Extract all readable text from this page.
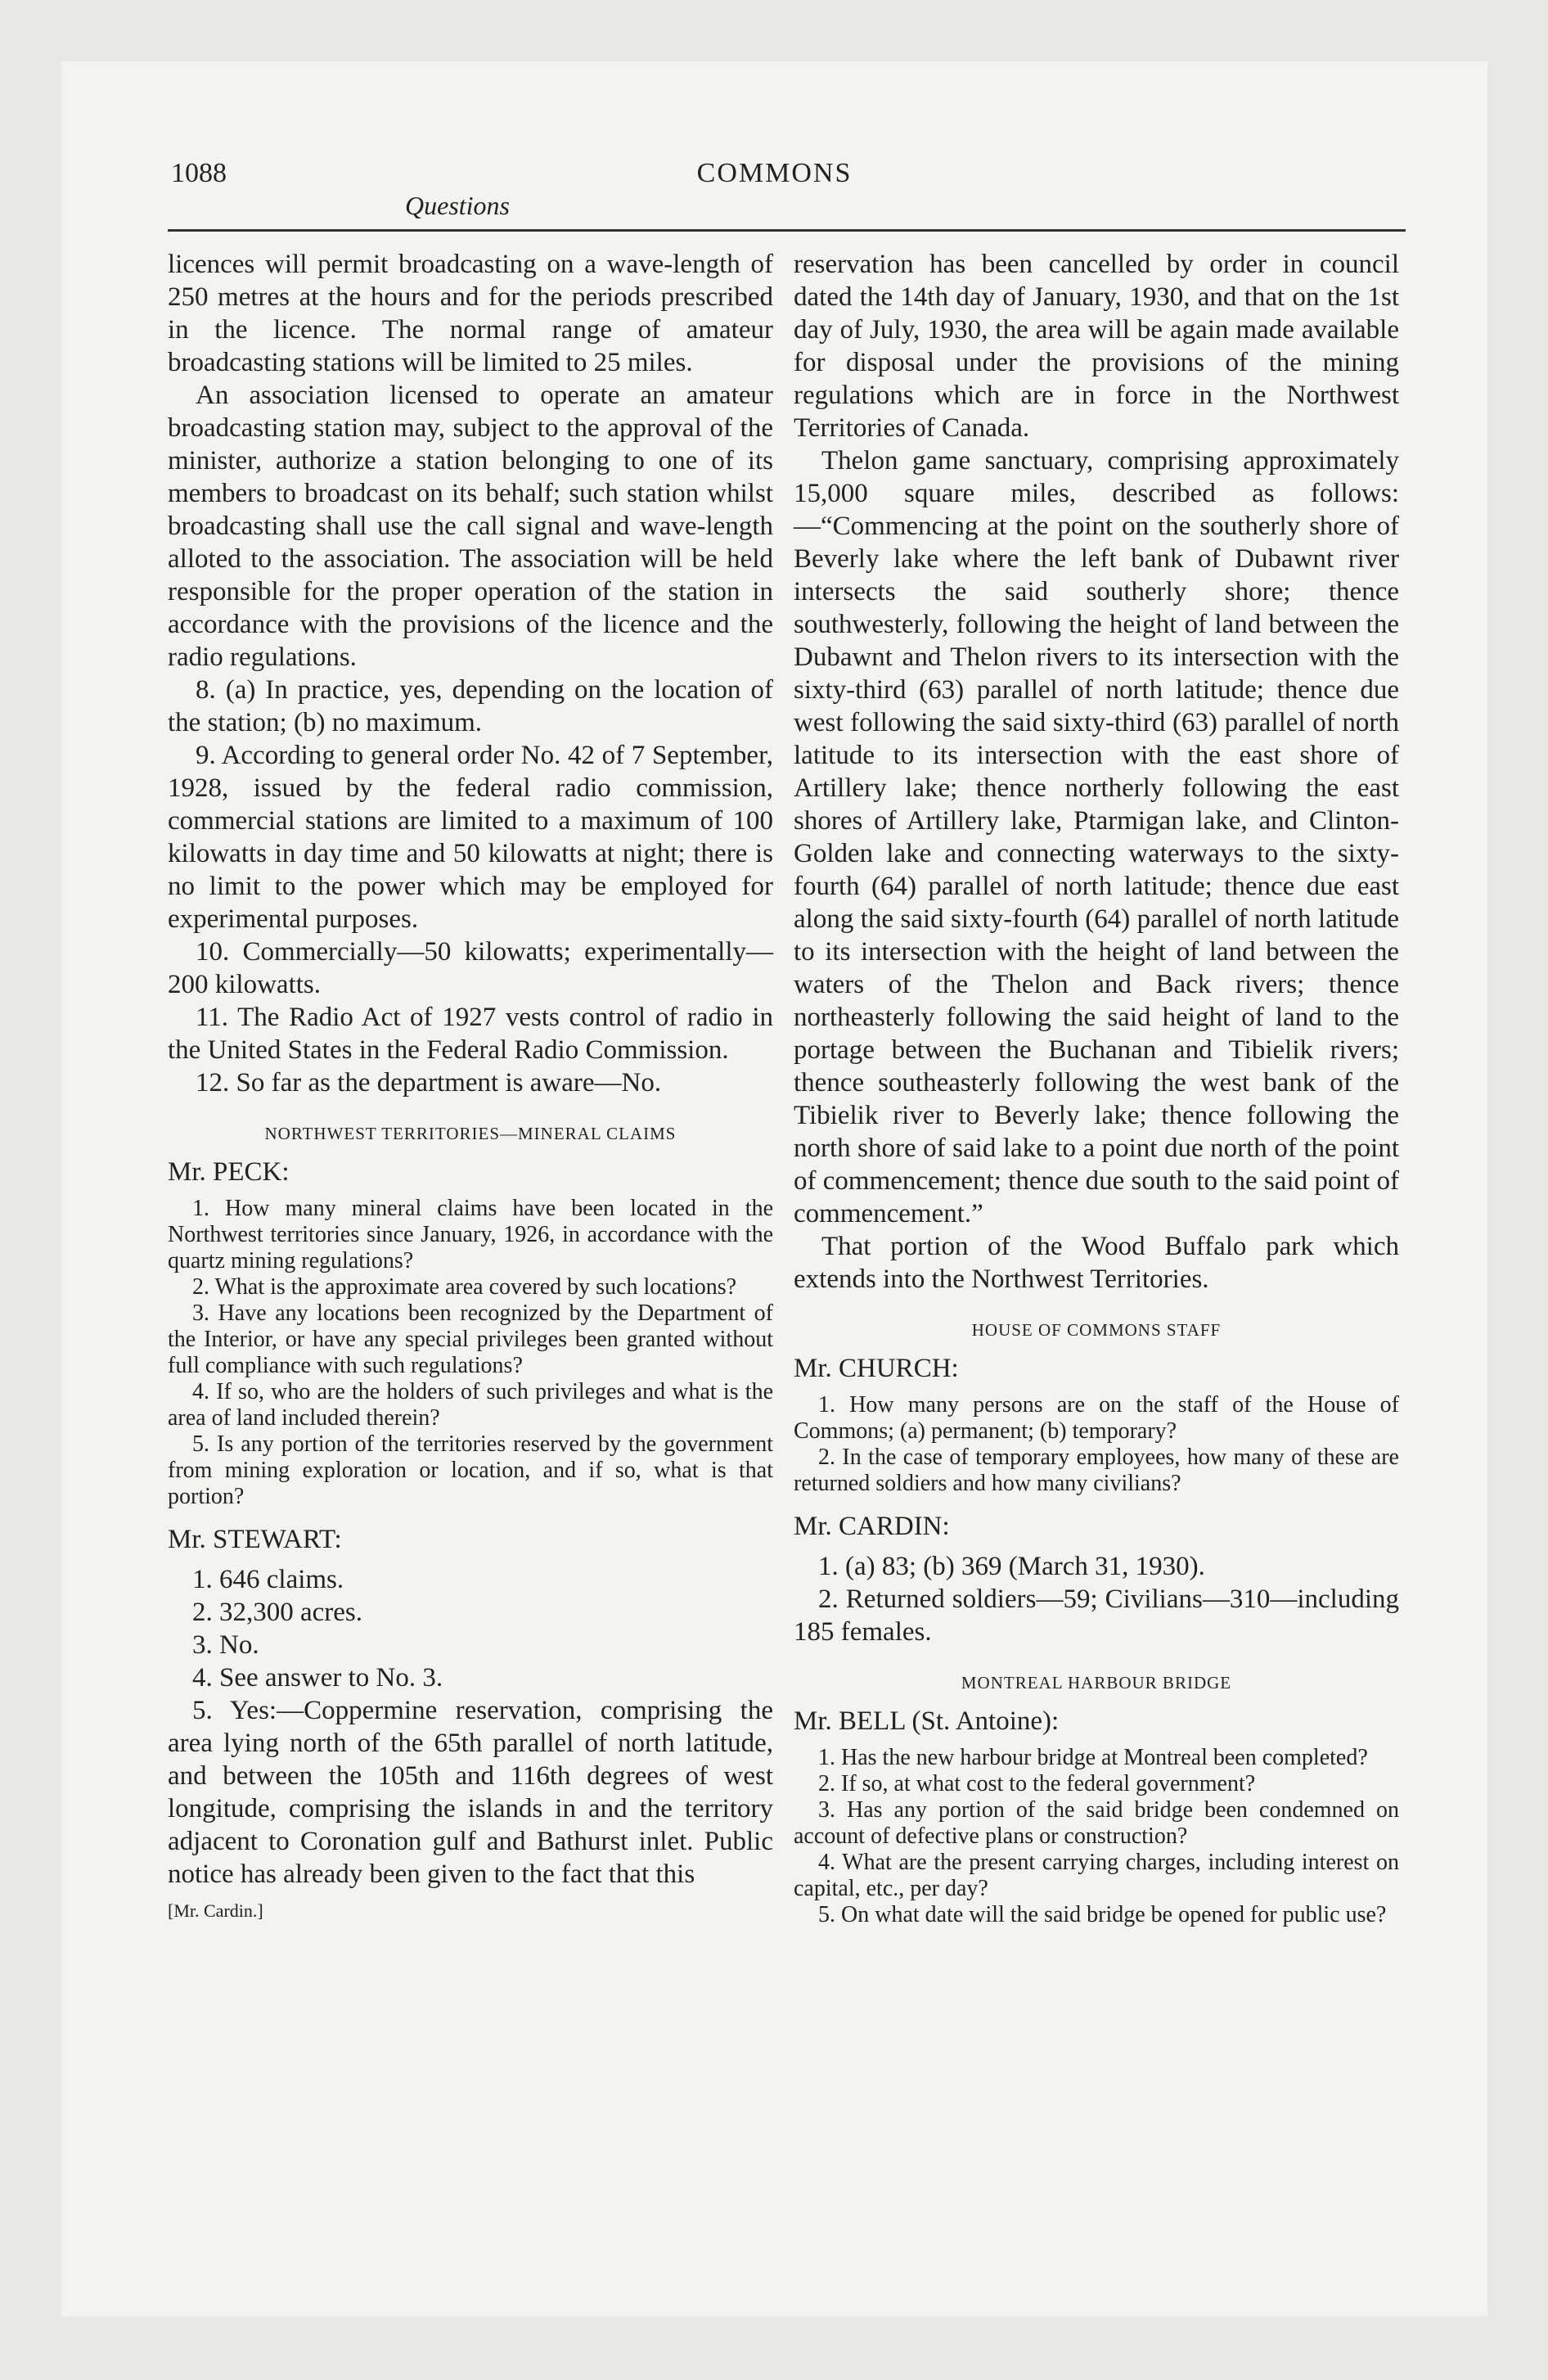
1088	COMMONS
Questions

licences will permit broadcasting on a wave-length of 250 metres at the hours and for the periods prescribed in the licence. The normal range of amateur broadcasting stations will be limited to 25 miles.

An association licensed to operate an amateur broadcasting station may, subject to the approval of the minister, authorize a station belonging to one of its members to broadcast on its behalf; such station whilst broadcasting shall use the call signal and wave-length alloted to the association. The association will be held responsible for the proper operation of the station in accordance with the provisions of the licence and the radio regulations.

8. (a) In practice, yes, depending on the location of the station; (b) no maximum.

9. According to general order No. 42 of 7 September, 1928, issued by the federal radio commission, commercial stations are limited to a maximum of 100 kilowatts in day time and 50 kilowatts at night; there is no limit to the power which may be employed for experimental purposes.

10. Commercially—50 kilowatts; experimentally—200 kilowatts.

11. The Radio Act of 1927 vests control of radio in the United States in the Federal Radio Commission.

12. So far as the department is aware—No.

NORTHWEST TERRITORIES—MINERAL CLAIMS
Mr. PECK:

1. How many mineral claims have been located in the Northwest territories since January, 1926, in accordance with the quartz mining regulations?

2. What is the approximate area covered by such locations?

3. Have any locations been recognized by the Department of the Interior, or have any special privileges been granted without full compliance with such regulations?

4. If so, who are the holders of such privileges and what is the area of land included therein?

5. Is any portion of the territories reserved by the government from mining exploration or location, and if so, what is that portion?

Mr. STEWART:

1. 646 claims.

2. 32,300 acres.

3. No.

4. See answer to No. 3.

5. Yes:—Coppermine reservation, comprising the area lying north of the 65th parallel of north latitude, and between the 105th and 116th degrees of west longitude, comprising the islands in and the territory adjacent to Coronation gulf and Bathurst inlet. Public notice has already been given to the fact that this

[Mr. Cardin.]

reservation has been cancelled by order in council dated the 14th day of January, 1930, and that on the 1st day of July, 1930, the area will be again made available for disposal under the provisions of the mining regulations which are in force in the Northwest Territories of Canada.

Thelon game sanctuary, comprising approximately 15,000 square miles, described as follows:—“Commencing at the point on the southerly shore of Beverly lake where the left bank of Dubawnt river intersects the said southerly shore; thence southwesterly, following the height of land between the Dubawnt and Thelon rivers to its intersection with the sixty-third (63) parallel of north latitude; thence due west following the said sixty-third (63) parallel of north latitude to its intersection with the east shore of Artillery lake; thence northerly following the east shores of Artillery lake, Ptarmigan lake, and Clinton-Golden lake and connecting waterways to the sixty-fourth (64) parallel of north latitude; thence due east along the said sixty-fourth (64) parallel of north latitude to its intersection with the height of land between the waters of the Thelon and Back rivers; thence northeasterly following the said height of land to the portage between the Buchanan and Tibielik rivers; thence southeasterly following the west bank of the Tibielik river to Beverly lake; thence following the north shore of said lake to a point due north of the point of commencement; thence due south to the said point of commencement.”

That portion of the Wood Buffalo park which extends into the Northwest Territories.

HOUSE OF COMMONS STAFF
Mr. CHURCH:

1. How many persons are on the staff of the House of Commons; (a) permanent; (b) temporary?

2. In the case of temporary employees, how many of these are returned soldiers and how many civilians?

Mr. CARDIN:

1. (a) 83; (b) 369 (March 31, 1930).

2. Returned soldiers—59; Civilians—310—including 185 females.

MONTREAL HARBOUR BRIDGE
Mr. BELL (St. Antoine):

1. Has the new harbour bridge at Montreal been completed?

2. If so, at what cost to the federal government?

3. Has any portion of the said bridge been condemned on account of defective plans or construction?

4. What are the present carrying charges, including interest on capital, etc., per day?

5. On what date will the said bridge be opened for public use?
